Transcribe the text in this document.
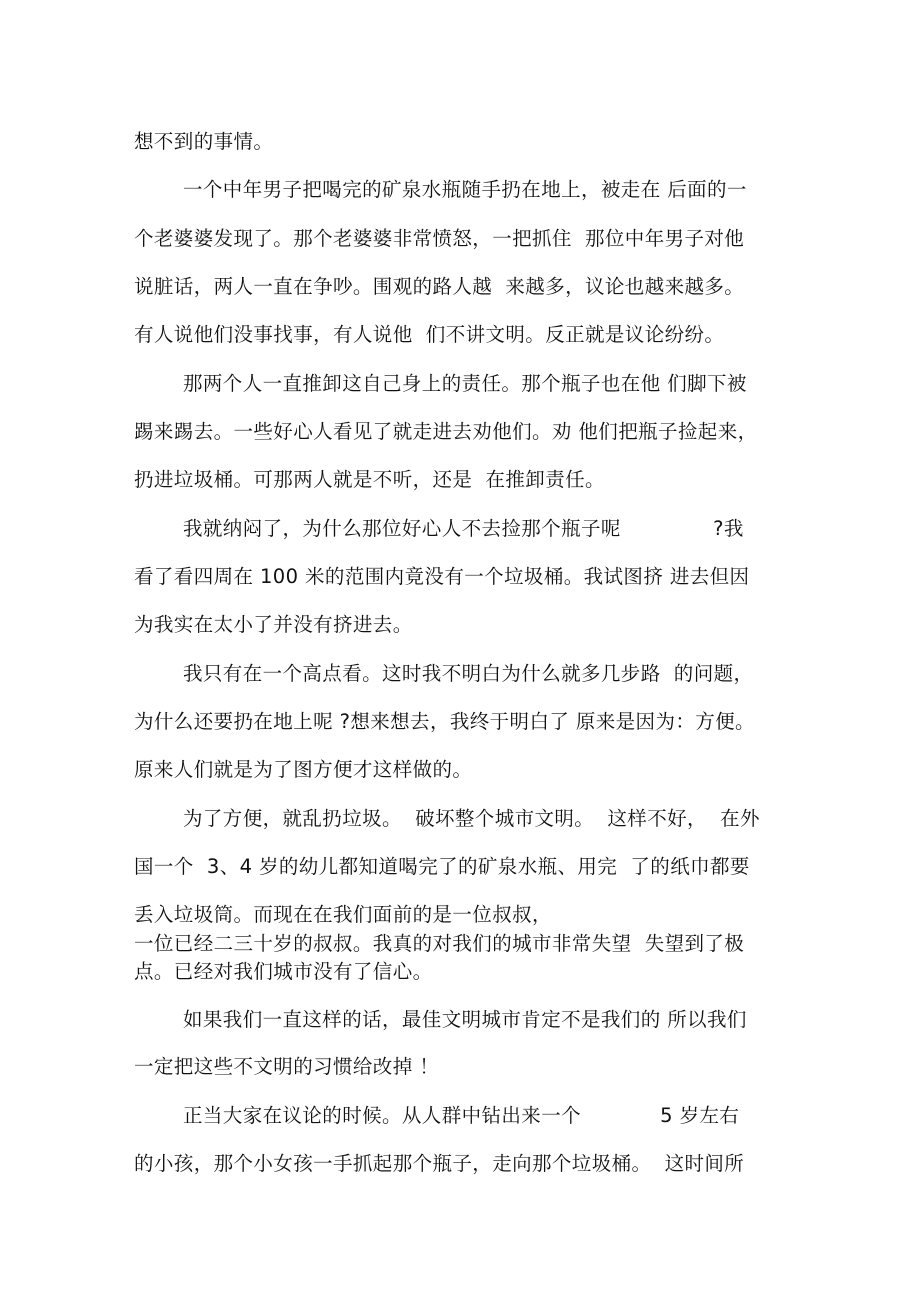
想不到的事情。
一个中年男子把喝完的矿泉水瓶随手扔在地上，被走在 后面的一
个老婆婆发现了。那个老婆婆非常愤怒，一把抓住  那位中年男子对他
说脏话，两人一直在争吵。围观的路人越  来越多，议论也越来越多。
有人说他们没事找事，有人说他  们不讲文明。反正就是议论纷纷。
那两个人一直推卸这自己身上的责任。那个瓶子也在他 们脚下被
踢来踢去。一些好心人看见了就走进去劝他们。劝 他们把瓶子捡起来，
扔进垃圾桶。可那两人就是不听，还是  在推卸责任。
我就纳闷了，为什么那位好心人不去捡那个瓶子呢              ?我
看了看四周在 100 米的范围内竟没有一个垃圾桶。我试图挤 进去但因
为我实在太小了并没有挤进去。
我只有在一个高点看。这时我不明白为什么就多几步路  的问题，
为什么还要扔在地上呢 ?想来想去，我终于明白了 原来是因为：方便。
原来人们就是为了图方便才这样做的。
为了方便，就乱扔垃圾。  破坏整个城市文明。  这样不好，  在外
国一个  3、4 岁的幼儿都知道喝完了的矿泉水瓶、用完  了的纸巾都要
丢入垃圾筒。而现在在我们面前的是一位叔叔，
一位已经二三十岁的叔叔。我真的对我们的城市非常失望  失望到了极
点。已经对我们城市没有了信心。
如果我们一直这样的话，最佳文明城市肯定不是我们的 所以我们
一定把这些不文明的习惯给改掉 ！
正当大家在议论的时候。从人群中钻出来一个            5 岁左右
的小孩，那个小女孩一手抓起那个瓶子，走向那个垃圾桶。  这时间所
